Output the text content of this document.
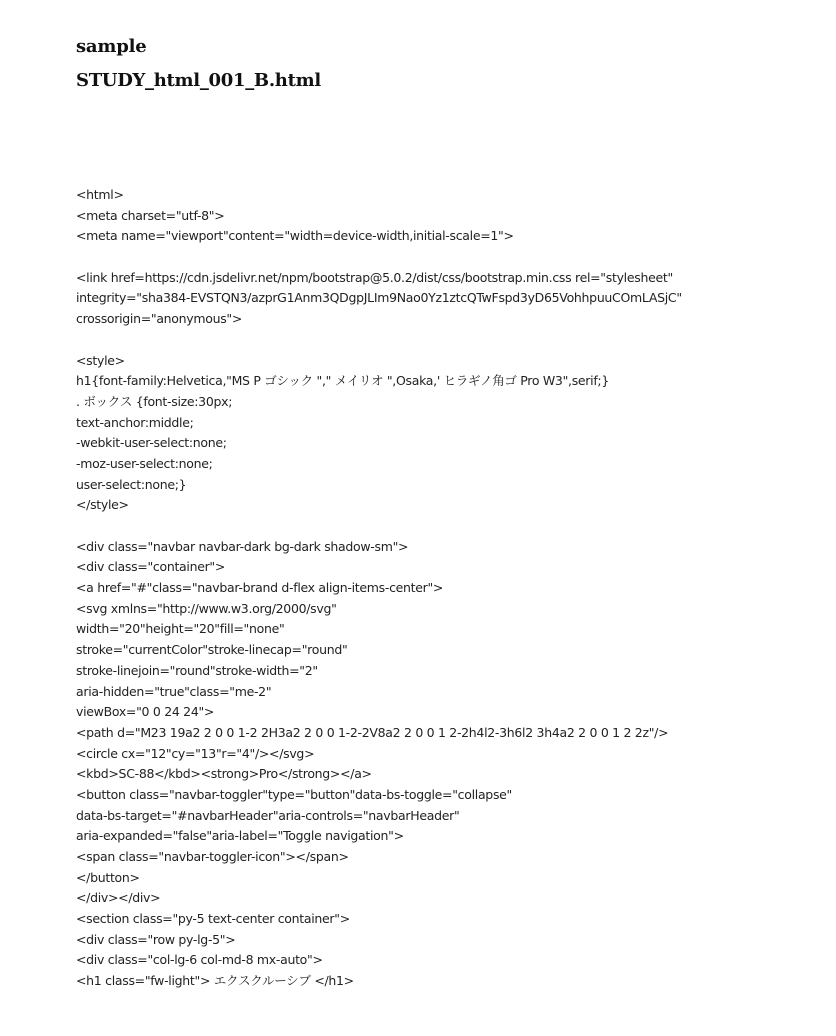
sample
STUDY_html_001_B.html
<html>
<meta charset="utf-8">
<meta name="viewport"content="width=device-width,initial-scale=1">

<link href=https://cdn.jsdelivr.net/npm/bootstrap@5.0.2/dist/css/bootstrap.min.css rel="stylesheet"
integrity="sha384-EVSTQN3/azprG1Anm3QDgpJLIm9Nao0Yz1ztcQTwFspd3yD65VohhpuuCOmLASjC"
crossorigin="anonymous">

<style>
h1{font-family:Helvetica,"MS P ゴシック "," メイリオ ",Osaka,' ヒラギノ角ゴ Pro W3",serif;}
. ボックス {font-size:30px;
text-anchor:middle;
-webkit-user-select:none;
-moz-user-select:none;
user-select:none;}
</style>

<div class="navbar navbar-dark bg-dark shadow-sm">
<div class="container">
<a href="#"class="navbar-brand d-flex align-items-center">
<svg xmlns="http://www.w3.org/2000/svg"
width="20"height="20"fill="none"
stroke="currentColor"stroke-linecap="round"
stroke-linejoin="round"stroke-width="2"
aria-hidden="true"class="me-2"
viewBox="0 0 24 24">
<path d="M23 19a2 2 0 0 1-2 2H3a2 2 0 0 1-2-2V8a2 2 0 0 1 2-2h4l2-3h6l2 3h4a2 2 0 0 1 2 2z"/>
<circle cx="12"cy="13"r="4"/></svg>
<kbd>SC-88</kbd><strong>Pro</strong></a>
<button class="navbar-toggler"type="button"data-bs-toggle="collapse"
data-bs-target="#navbarHeader"aria-controls="navbarHeader"
aria-expanded="false"aria-label="Toggle navigation">
<span class="navbar-toggler-icon"></span>
</button>
</div></div>
<section class="py-5 text-center container">
<div class="row py-lg-5">
<div class="col-lg-6 col-md-8 mx-auto">
<h1 class="fw-light"> エクスクルーシブ </h1>
